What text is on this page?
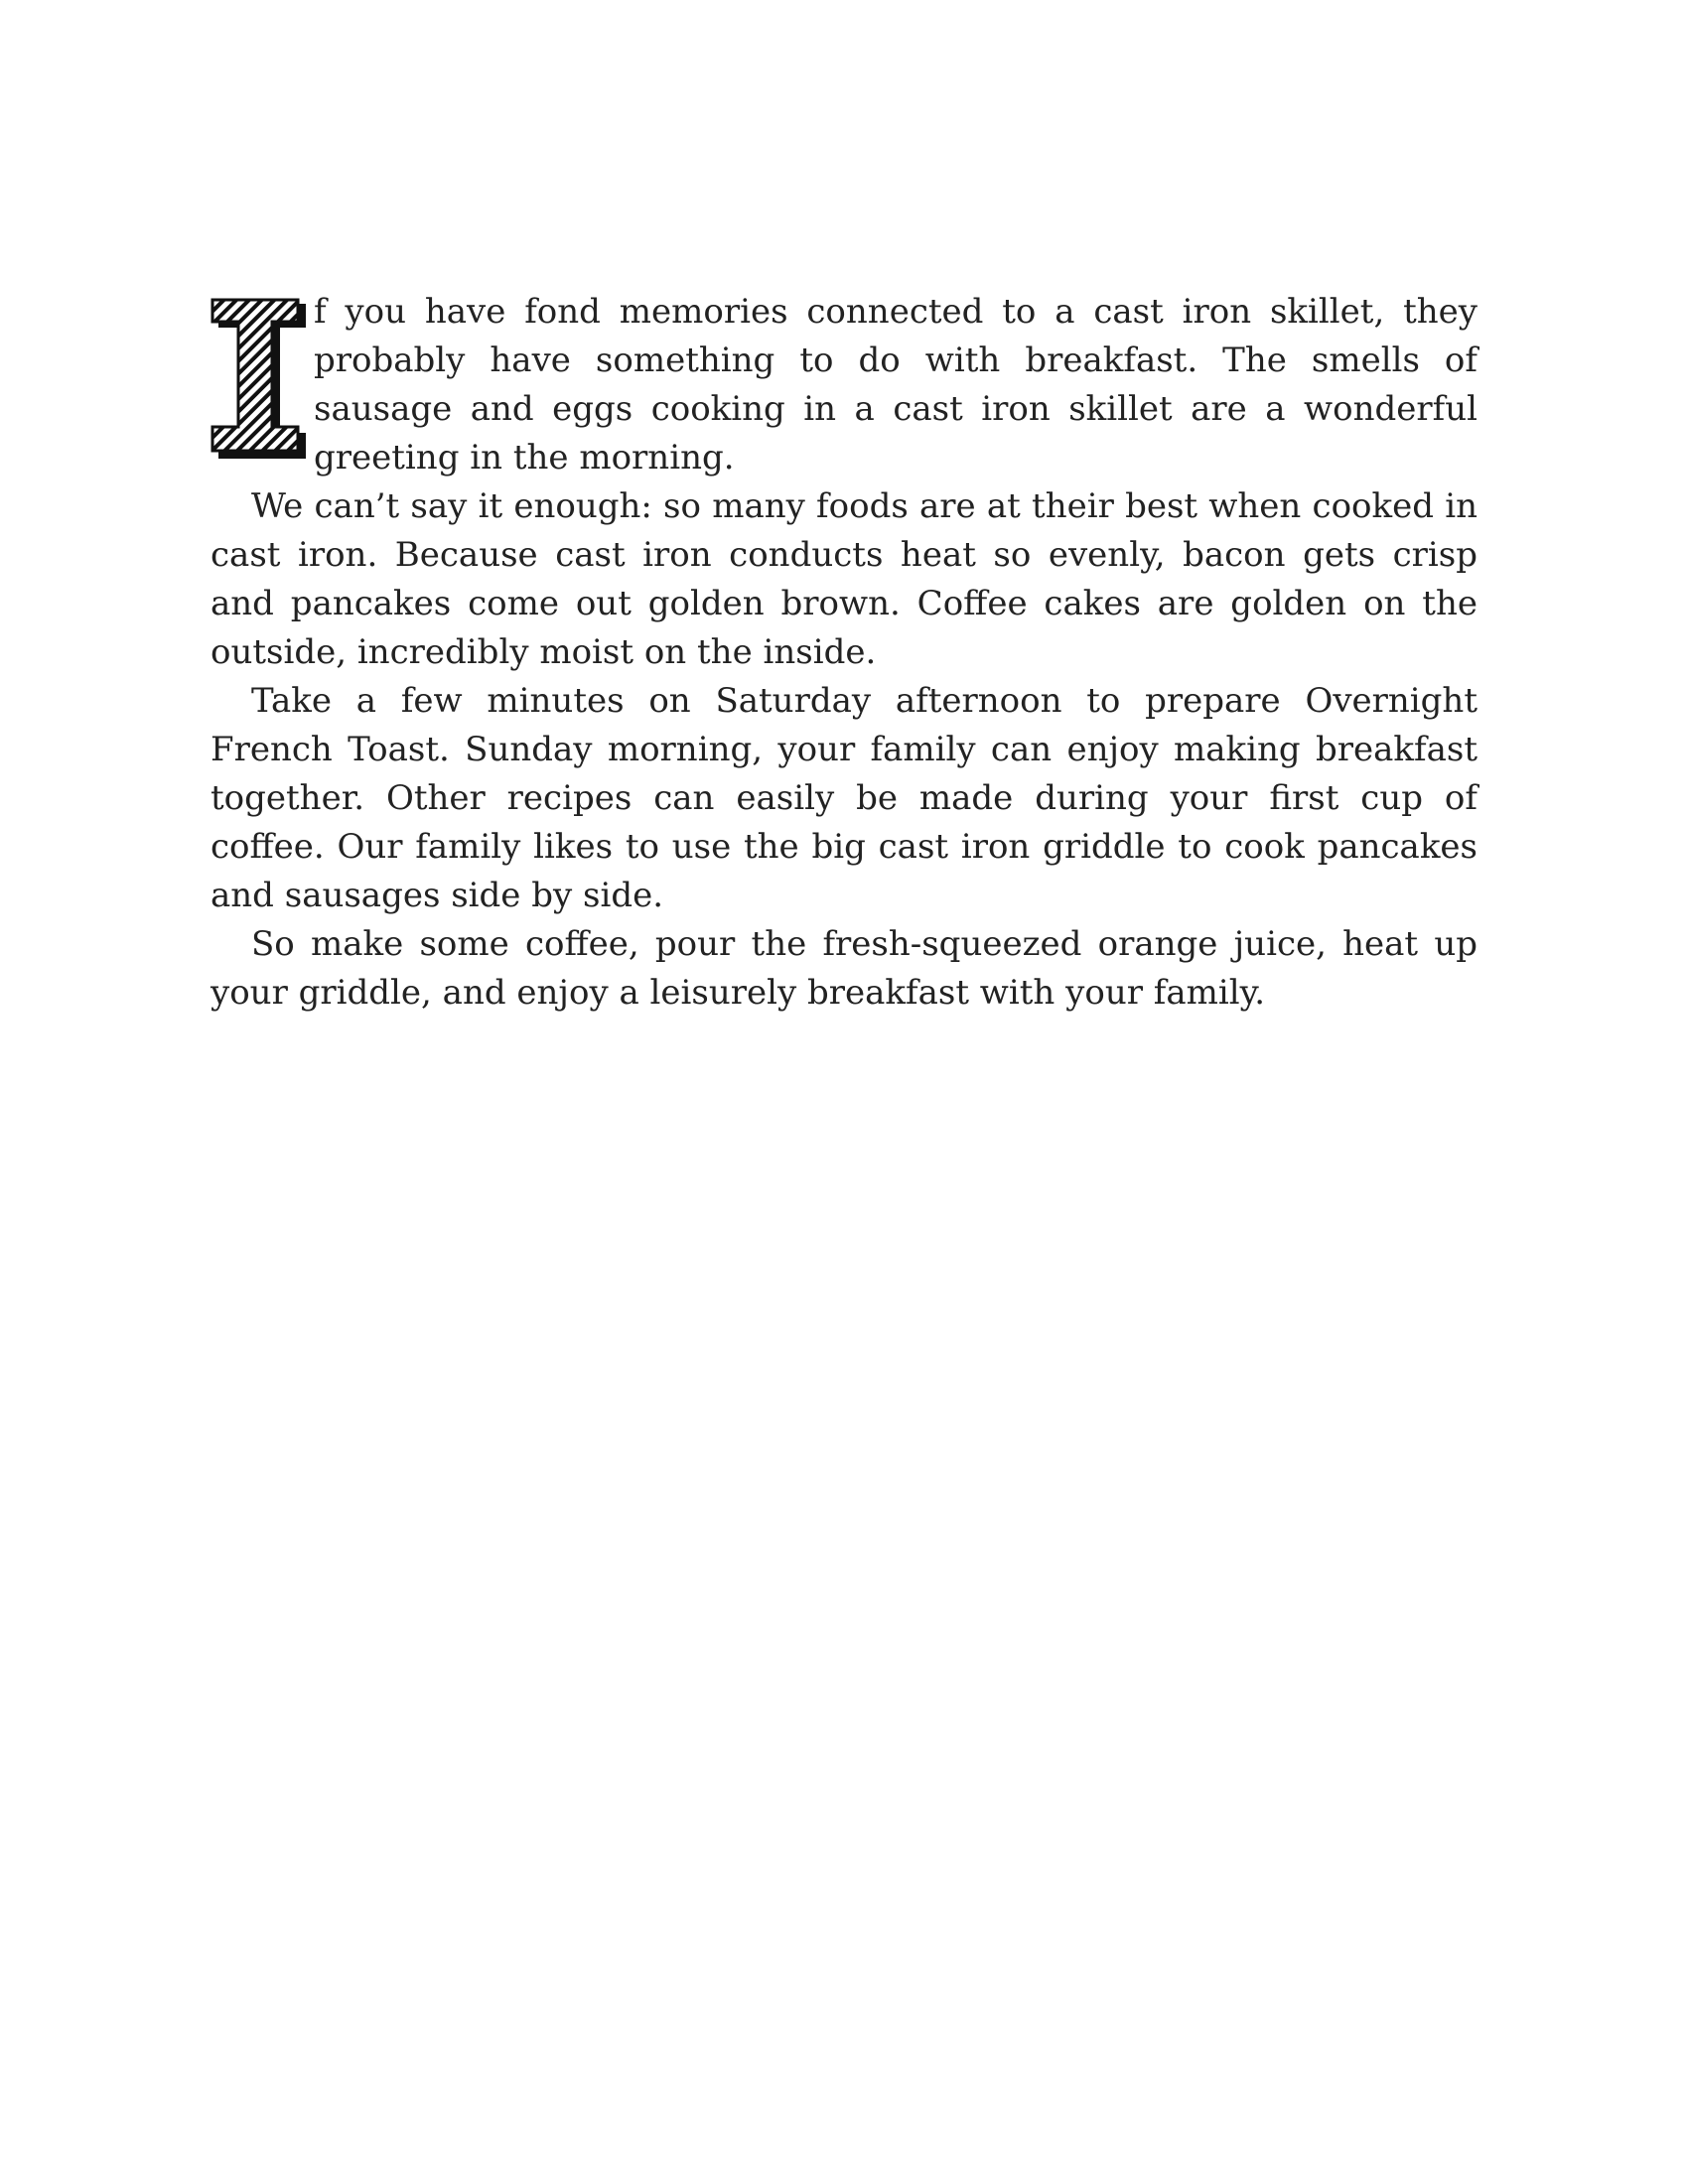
f you have fond memories connected to a cast iron skillet, they probably have something to do with breakfast. The smells of sausage and eggs cooking in a cast iron skillet are a wonderful greeting in the morning.

We can’t say it enough: so many foods are at their best when cooked in cast iron. Because cast iron conducts heat so evenly, bacon gets crisp and pancakes come out golden brown. Coffee cakes are golden on the outside, incredibly moist on the inside.

Take a few minutes on Saturday afternoon to prepare Overnight French Toast. Sunday morning, your family can enjoy making breakfast together. Other recipes can easily be made during your first cup of coffee. Our family likes to use the big cast iron griddle to cook pancakes and sausages side by side.

So make some coffee, pour the fresh-squeezed orange juice, heat up your griddle, and enjoy a leisurely breakfast with your family.
